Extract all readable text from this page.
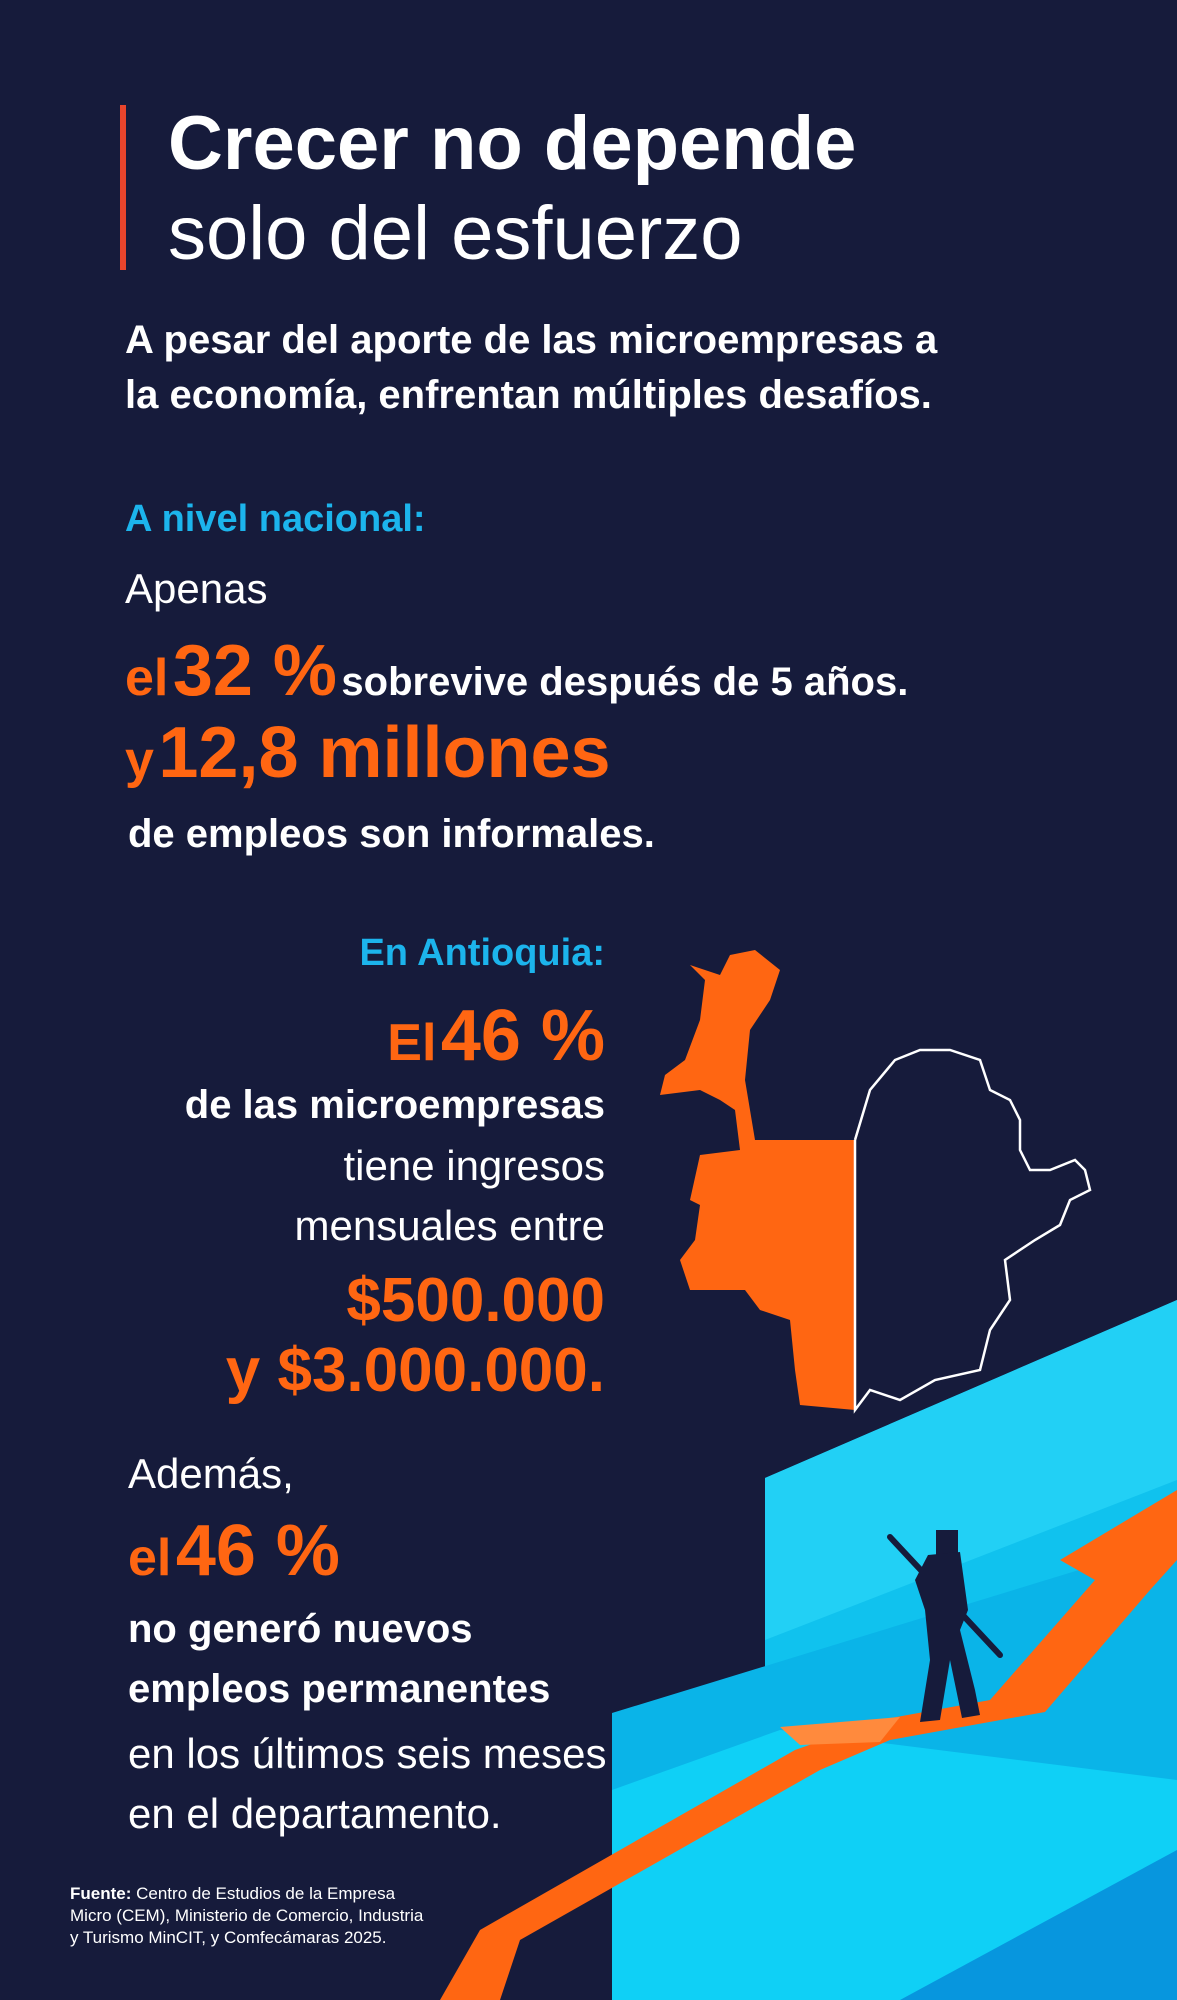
Crecer no depende
solo del esfuerzo
A pesar del aporte de las microempresas a
la economía, enfrentan múltiples desafíos.
A nivel nacional:
Apenas
el 32 % sobrevive después de 5 años.
y 12,8 millones
de empleos son informales.
En Antioquia:
El 46 %
de las microempresas
tiene ingresos
mensuales entre
$500.000
y $3.000.000.
Además,
el 46 %
no generó nuevos
empleos permanentes
en los últimos seis meses
en el departamento.
Fuente: Centro de Estudios de la Empresa
Micro (CEM), Ministerio de Comercio, Industria
y Turismo MinCIT, y Comfecámaras 2025.
